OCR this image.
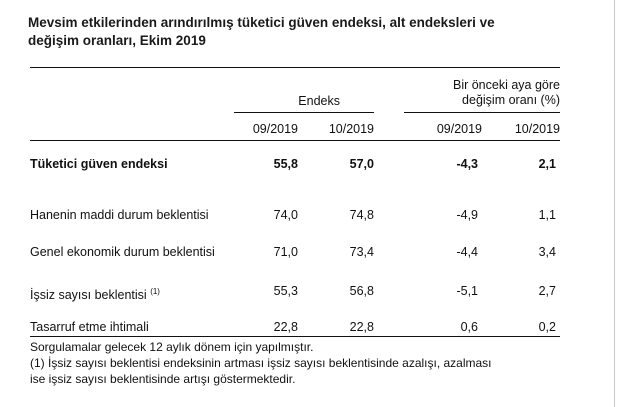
Mevsim etkilerinden arındırılmış tüketici güven endeksi, alt endeksleri ve
değişim oranları, Ekim 2019
Endeks
Bir önceki aya göre
değişim oranı (%)
09/2019	10/2019	09/2019	10/2019
Tüketici güven endeksi	55,8	57,0	-4,3	2,1
Hanenin maddi durum beklentisi	74,0	74,8	-4,9	1,1
Genel ekonomik durum beklentisi	71,0	73,4	-4,4	3,4
İşsiz sayısı beklentisi $^{(1)}$	55,3	56,8	-5,1	2,7
Tasarruf etme ihtimali	22,8	22,8	0,6	0,2
Sorgulamalar gelecek 12 aylık dönem için yapılmıştır.
(1) İşsiz sayısı beklentisi endeksinin artması işsiz sayısı beklentisinde azalışı, azalması
ise işsiz sayısı beklentisinde artışı göstermektedir.
